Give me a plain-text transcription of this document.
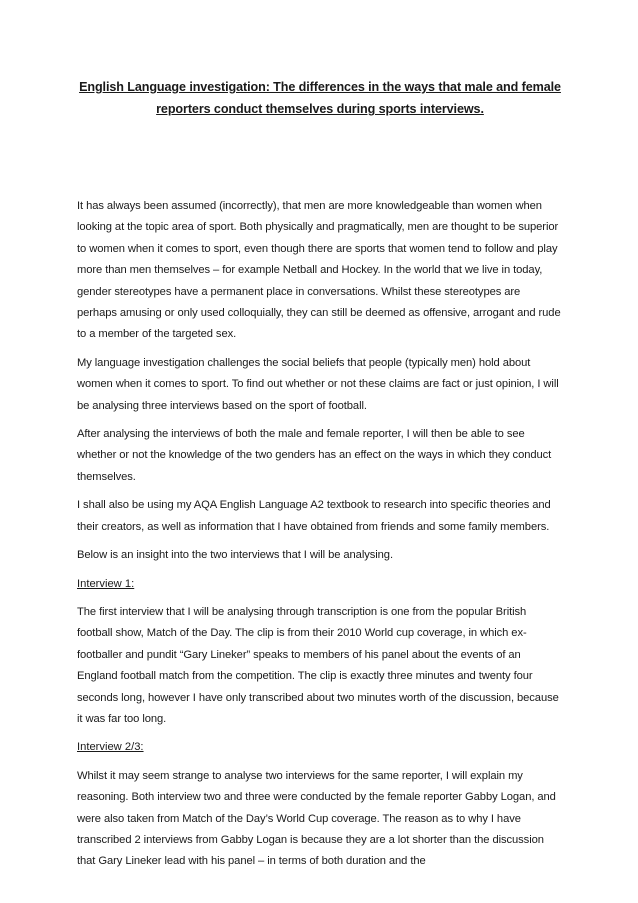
English Language investigation: The differences in the ways that male and female reporters conduct themselves during sports interviews.

It has always been assumed (incorrectly), that men are more knowledgeable than women when looking at the topic area of sport. Both physically and pragmatically, men are thought to be superior to women when it comes to sport, even though there are sports that women tend to follow and play more than men themselves – for example Netball and Hockey. In the world that we live in today, gender stereotypes have a permanent place in conversations. Whilst these stereotypes are perhaps amusing or only used colloquially, they can still be deemed as offensive, arrogant and rude to a member of the targeted sex.

My language investigation challenges the social beliefs that people (typically men) hold about women when it comes to sport. To find out whether or not these claims are fact or just opinion, I will be analysing three interviews based on the sport of football.

After analysing the interviews of both the male and female reporter, I will then be able to see whether or not the knowledge of the two genders has an effect on the ways in which they conduct themselves.

I shall also be using my AQA English Language A2 textbook to research into specific theories and their creators, as well as information that I have obtained from friends and some family members.

Below is an insight into the two interviews that I will be analysing.

Interview 1:

The first interview that I will be analysing through transcription is one from the popular British football show, Match of the Day. The clip is from their 2010 World cup coverage, in which ex-footballer and pundit “Gary Lineker” speaks to members of his panel about the events of an England football match from the competition. The clip is exactly three minutes and twenty four seconds long, however I have only transcribed about two minutes worth of the discussion, because it was far too long.

Interview 2/3:

Whilst it may seem strange to analyse two interviews for the same reporter, I will explain my reasoning. Both interview two and three were conducted by the female reporter Gabby Logan, and were also taken from Match of the Day’s World Cup coverage. The reason as to why I have transcribed 2 interviews from Gabby Logan is because they are a lot shorter than the discussion that Gary Lineker lead with his panel – in terms of both duration and the
